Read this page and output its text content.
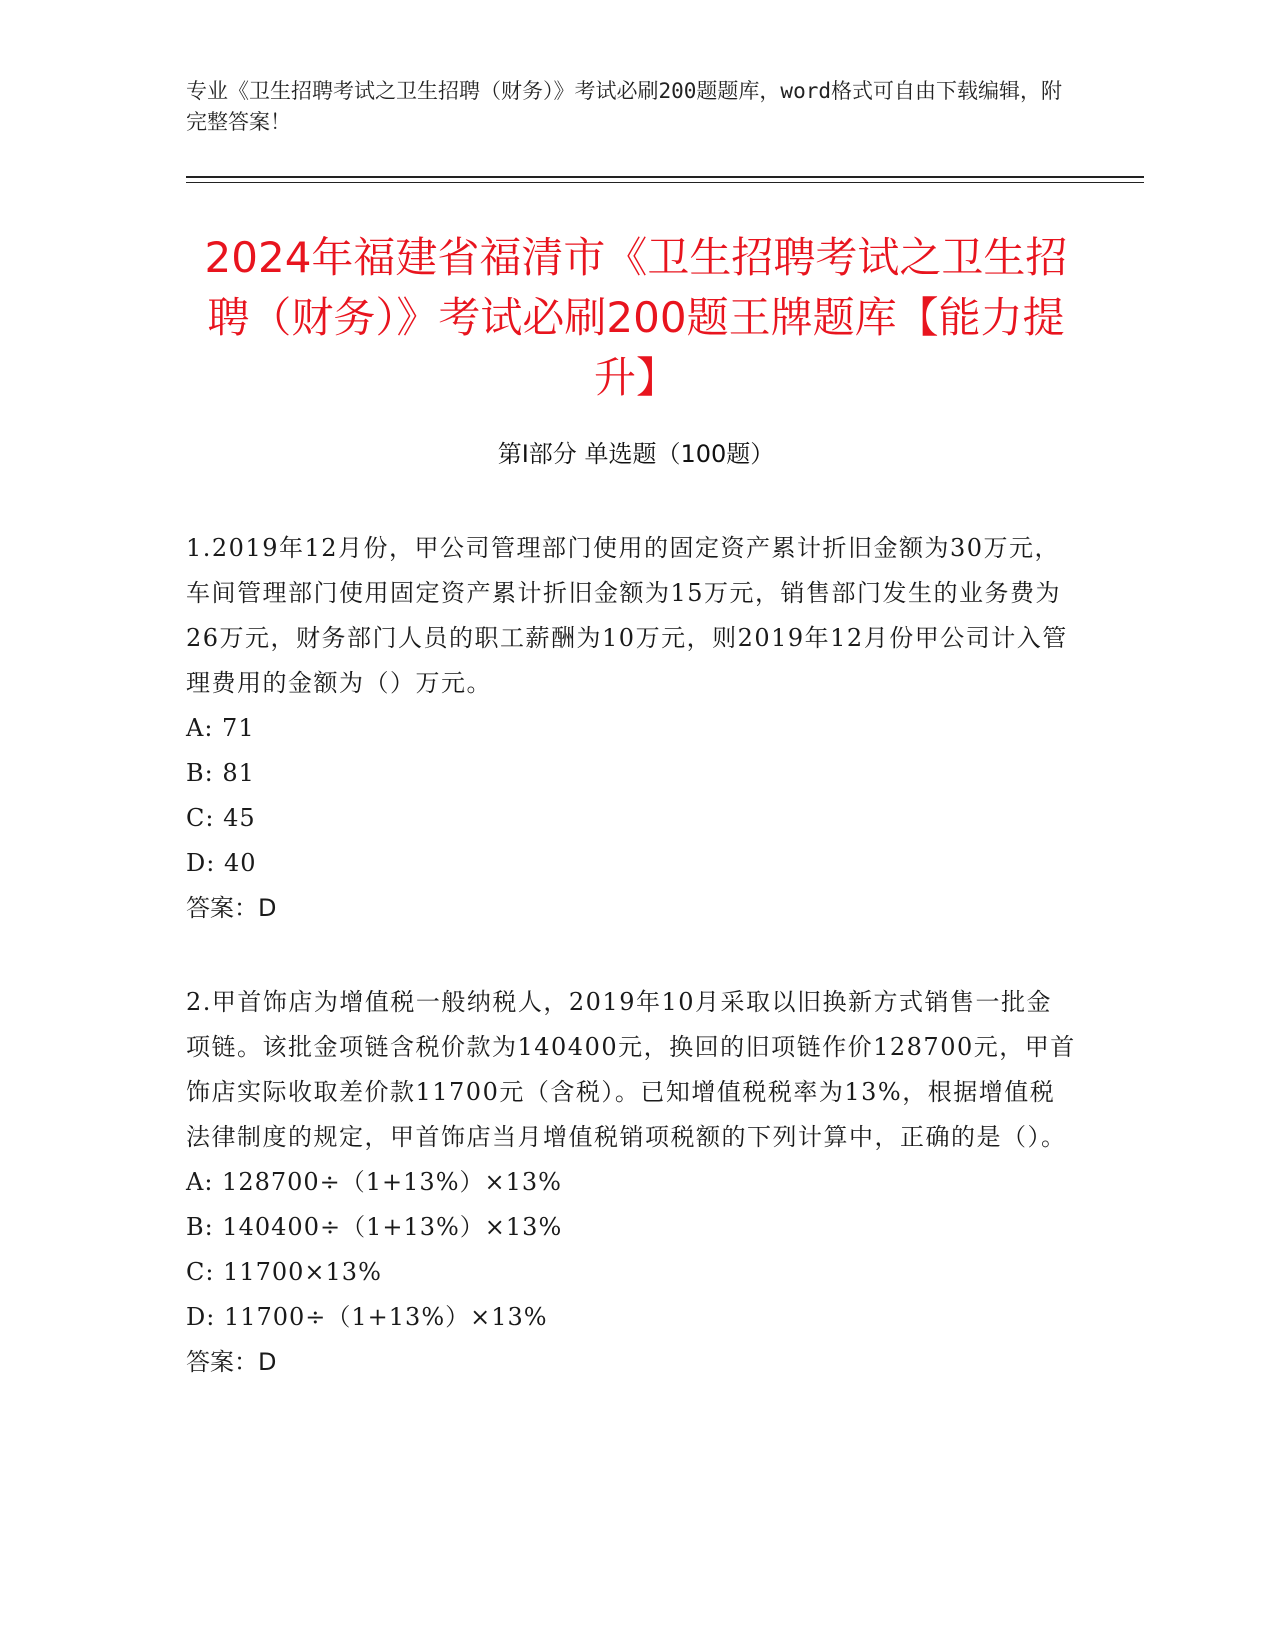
专业《卫生招聘考试之卫生招聘（财务）》考试必刷200题题库，word格式可自由下载编辑，附完整答案！
2024年福建省福清市《卫生招聘考试之卫生招聘（财务）》考试必刷200题王牌题库【能力提升】
第Ⅰ部分 单选题（100题）

1.2019年12月份，甲公司管理部门使用的固定资产累计折旧金额为30万元，车间管理部门使用固定资产累计折旧金额为15万元，销售部门发生的业务费为26万元，财务部门人员的职工薪酬为10万元，则2019年12月份甲公司计入管理费用的金额为（）万元。

A: 71

B: 81

C: 45

D: 40

答案：D

2.甲首饰店为增值税一般纳税人，2019年10月采取以旧换新方式销售一批金项链。该批金项链含税价款为140400元，换回的旧项链作价128700元，甲首饰店实际收取差价款11700元（含税）。已知增值税税率为13%，根据增值税法律制度的规定，甲首饰店当月增值税销项税额的下列计算中，正确的是（）。

A: 128700÷（1+13%）×13%

B: 140400÷（1+13%）×13%

C: 11700×13%

D: 11700÷（1+13%）×13%

答案：D
